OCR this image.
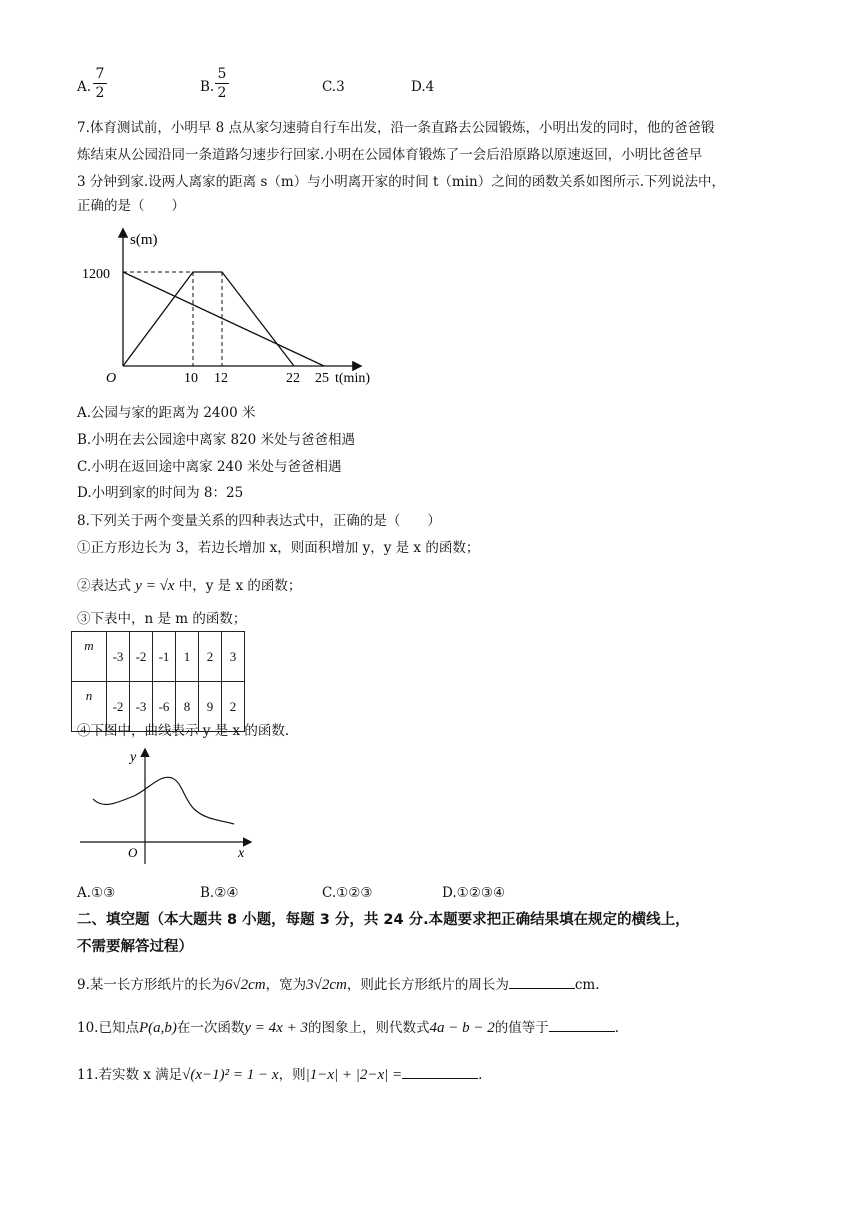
A.
7
2	B.
5
2	C.3	D.4
7.体育测试前，小明早 8 点从家匀速骑自行车出发，沿一条直路去公园锻炼，小明出发的同时，他的爸爸锻
炼结束从公园沿同一条道路匀速步行回家.小明在公园体育锻炼了一会后沿原路以原速返回，小明比爸爸早
3 分钟到家.设两人离家的距离 s（m）与小明离开家的时间 t（min）之间的函数关系如图所示.下列说法中，
正确的是（　　）
s(m)
O
1200
10 12	22 25 t(min)
A.公园与家的距离为 2400 米
B.小明在去公园途中离家 820 米处与爸爸相遇
C.小明在返回途中离家 240 米处与爸爸相遇
D.小明到家的时间为 8：25
8.下列关于两个变量关系的四种表达式中，正确的是（　　）
①正方形边长为 3，若边长增加 x，则面积增加 y，y 是 x 的函数；
②表达式 y = √x 中，y 是 x 的函数；
③下表中，n 是 m 的函数；
m	-3	-2	-1	1	2	3
n	-2	-3	-6	8	9	2
④下图中，曲线表示 y 是 x 的函数.
y
x
O
A.①③	B.②④	C.①②③	D.①②③④
二、填空题（本大题共 8 小题，每题 3 分，共 24 分.本题要求把正确结果填在规定的横线上，
不需要解答过程）
9.某一长方形纸片的长为6√2cm，宽为3√2cm，则此长方形纸片的周长为	cm.
10.已知点P(a,b)在一次函数y = 4x + 3的图象上，则代数式4a − b − 2的值等于	.
11.若实数 x 满足√(x−1)² = 1 − x，则|1−x| + |2−x| =	.
